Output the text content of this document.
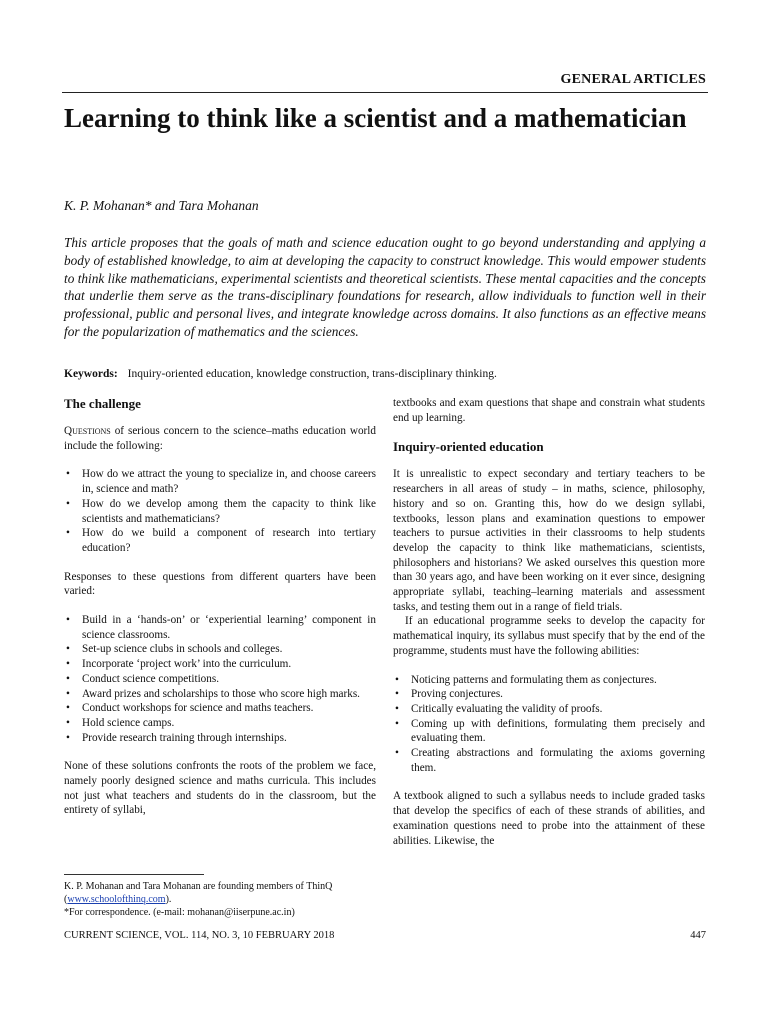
GENERAL ARTICLES
Learning to think like a scientist and a mathematician
K. P. Mohanan* and Tara Mohanan

This article proposes that the goals of math and science education ought to go beyond understanding and applying a body of established knowledge, to aim at developing the capacity to construct knowledge. This would empower students to think like mathematicians, experimental scientists and theoretical scientists. These mental capacities and the concepts that underlie them serve as the trans-disciplinary foundations for research, allow individuals to function well in their professional, public and personal lives, and integrate knowledge across domains. It also functions as an effective means for the popularization of mathematics and the sciences.

Keywords: Inquiry-oriented education, knowledge construction, trans-disciplinary thinking.
The challenge

Questions of serious concern to the science–maths education world include the following:

• How do we attract the young to specialize in, and choose careers in, science and math?
• How do we develop among them the capacity to think like scientists and mathematicians?
• How do we build a component of research into tertiary education?

Responses to these questions from different quarters have been varied:

• Build in a ‘hands-on’ or ‘experiential learning’ component in science classrooms.
• Set-up science clubs in schools and colleges.
• Incorporate ‘project work’ into the curriculum.
• Conduct science competitions.
• Award prizes and scholarships to those who score high marks.
• Conduct workshops for science and maths teachers.
• Hold science camps.
• Provide research training through internships.

None of these solutions confronts the roots of the problem we face, namely poorly designed science and maths curricula. This includes not just what teachers and students do in the classroom, but the entirety of syllabi,

textbooks and exam questions that shape and constrain what students end up learning.

Inquiry-oriented education

It is unrealistic to expect secondary and tertiary teachers to be researchers in all areas of study – in maths, science, philosophy, history and so on. Granting this, how do we design syllabi, textbooks, lesson plans and examination questions to empower teachers to pursue activities in their classrooms to help students develop the capacity to think like mathematicians, scientists, philosophers and historians? We asked ourselves this question more than 30 years ago, and have been working on it ever since, designing appropriate syllabi, teaching–learning materials and assessment tasks, and testing them out in a range of field trials.

If an educational programme seeks to develop the capacity for mathematical inquiry, its syllabus must specify that by the end of the programme, students must have the following abilities:

• Noticing patterns and formulating them as conjectures.
• Proving conjectures.
• Critically evaluating the validity of proofs.
• Coming up with definitions, formulating them precisely and evaluating them.
• Creating abstractions and formulating the axioms governing them.

A textbook aligned to such a syllabus needs to include graded tasks that develop the specifics of each of these strands of abilities, and examination questions need to probe into the attainment of these abilities. Likewise, the

K. P. Mohanan and Tara Mohanan are founding members of ThinQ (www.schoolofthinq.com).
*For correspondence. (e-mail: mohanan@iiserpune.ac.in)
CURRENT SCIENCE, VOL. 114, NO. 3, 10 FEBRUARY 2018	447
